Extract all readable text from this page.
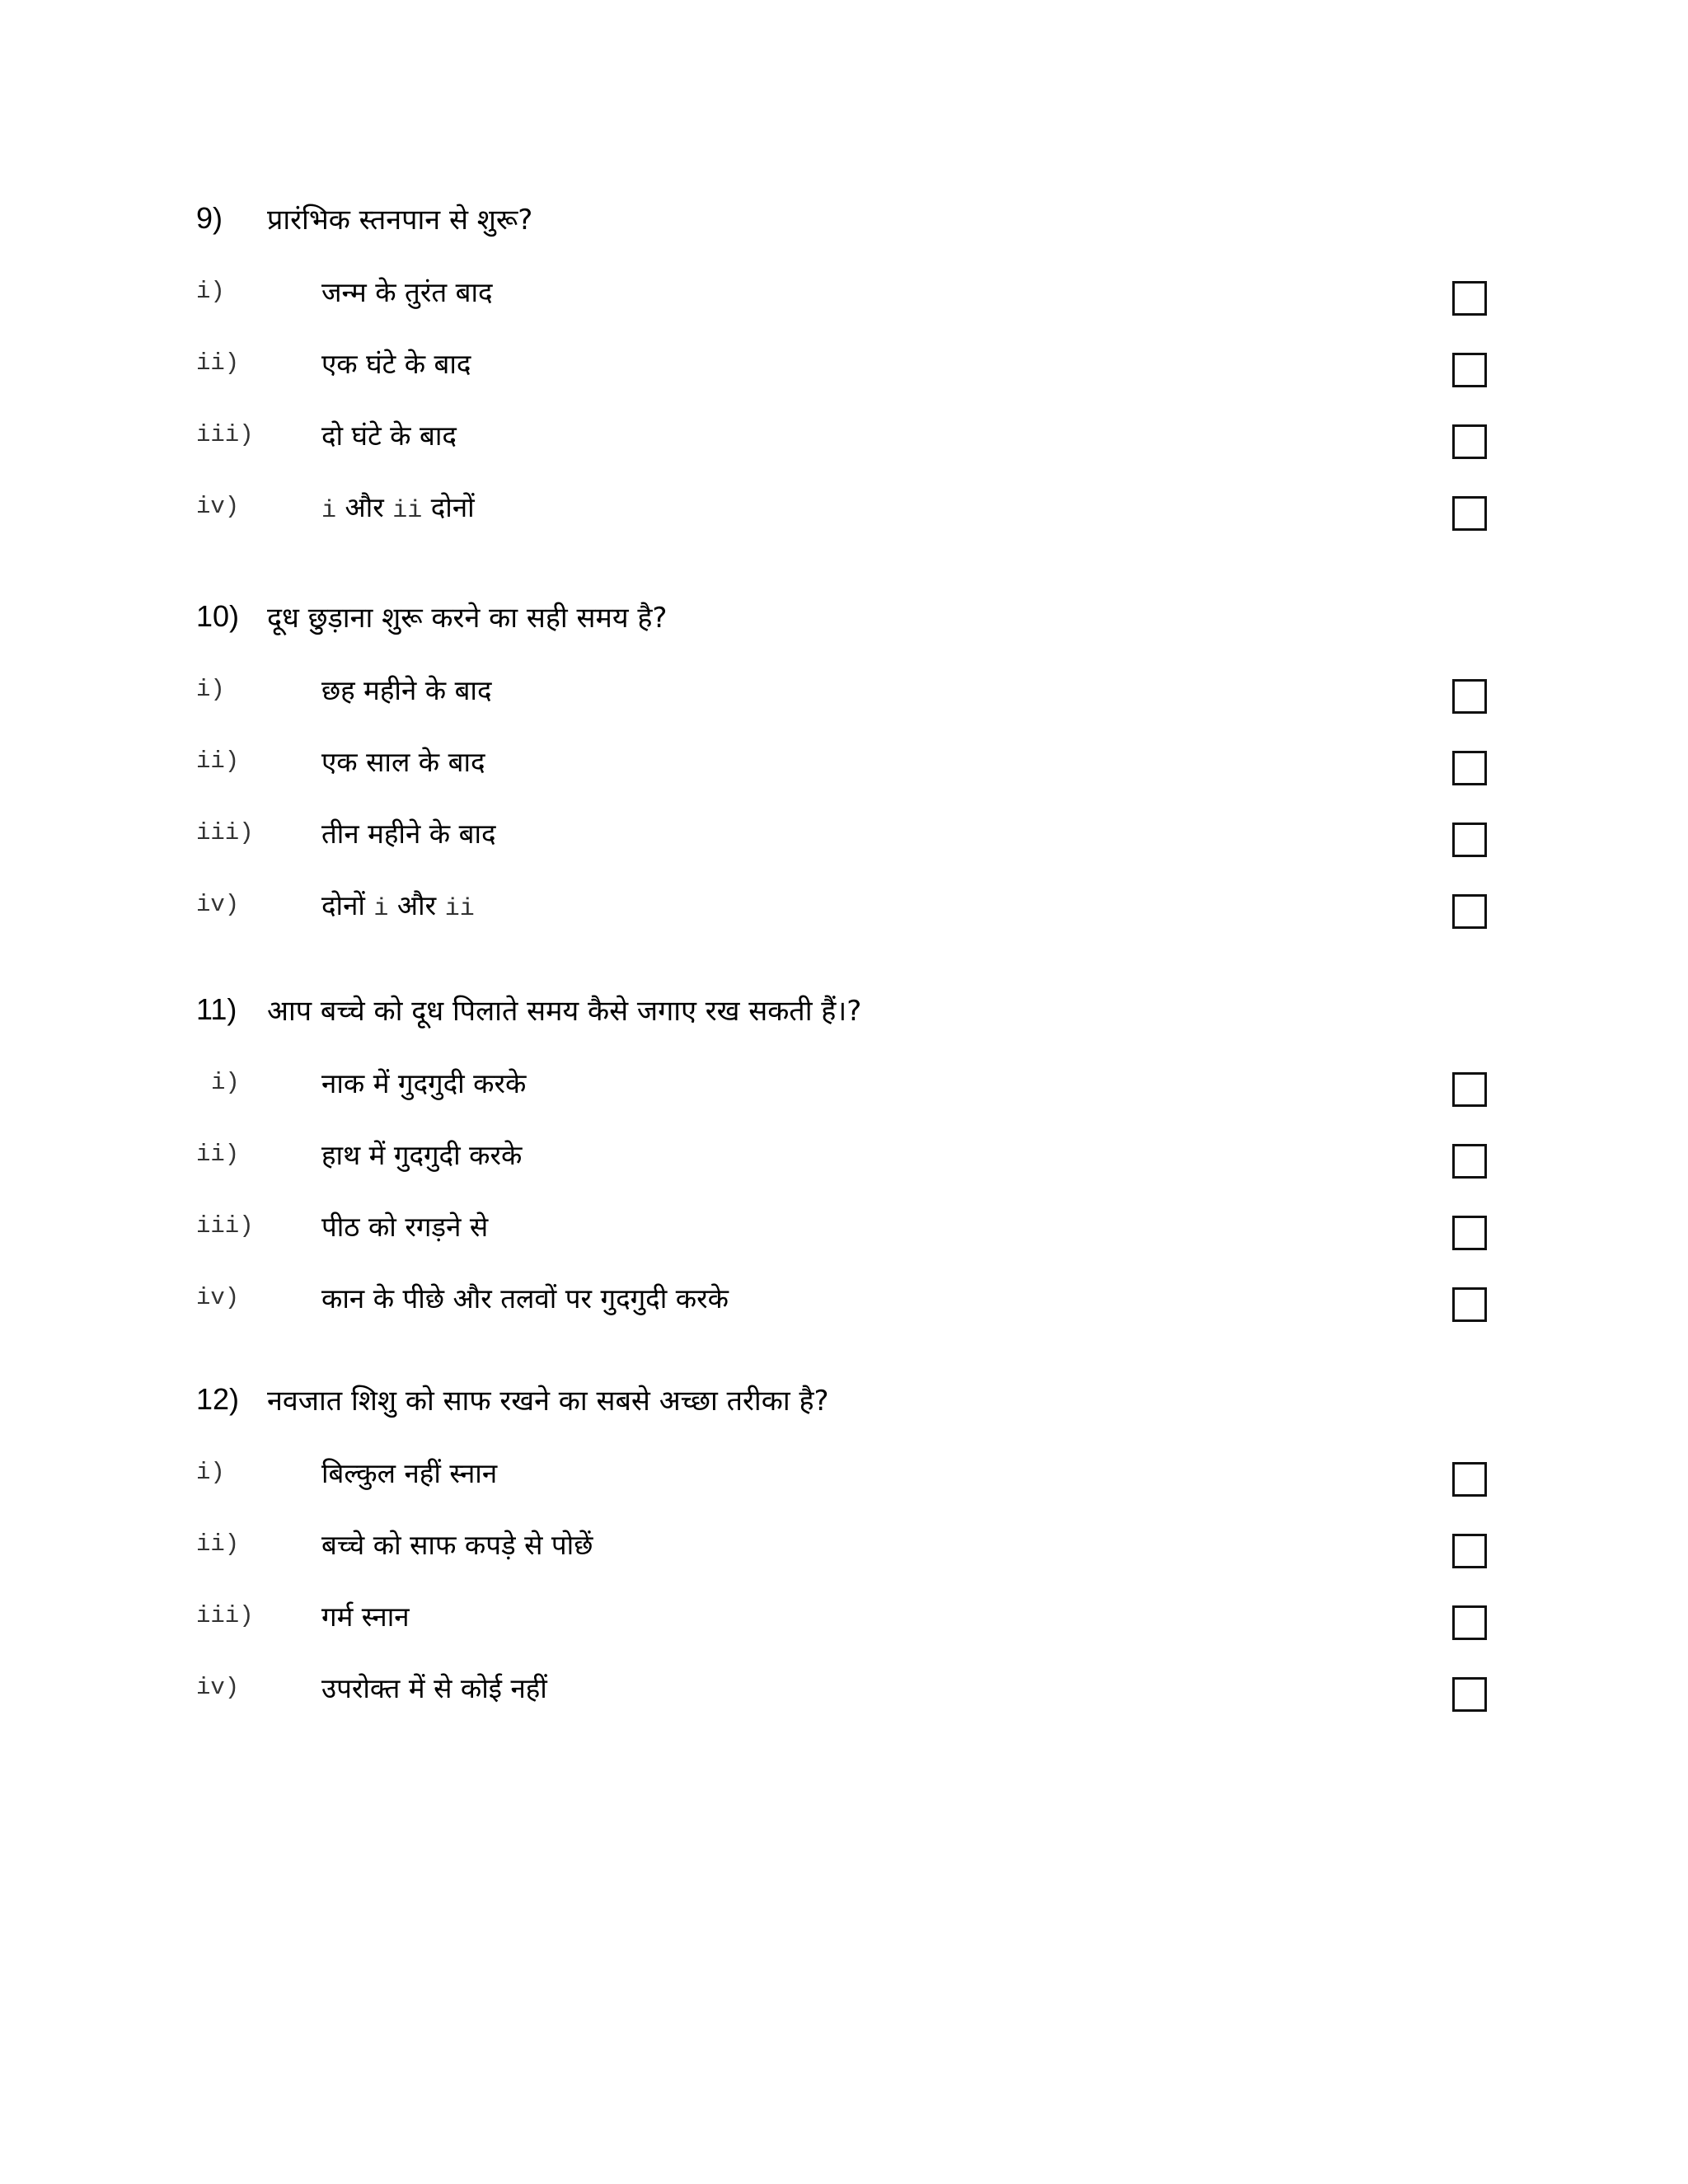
9)	प्रारंभिक स्तनपान से शुरू?
i)	जन्म के तुरंत बाद
ii)	एक घंटे के बाद
iii) दो घंटे के बाद
iv)	i और ii दोनों
10) दूध छुड़ाना शुरू करने का सही समय है?
i)	छह महीने के बाद
ii)	एक साल के बाद
iii) तीन महीने के बाद
iv)	दोनों i और ii
11)	आप बच्चे को दूध पिलाते समय कैसे जगाए रख सकती हैं।?
i)	नाक में गुदगुदी करके
ii)	हाथ में गुदगुदी करके
iii) पीठ को रगड़ने से
iv)	कान के पीछे और तलवों पर गुदगुदी करके
12) नवजात शिशु को साफ रखने का सबसे अच्छा तरीका है?
i)	बिल्कुल नहीं स्नान
ii)	बच्चे को साफ कपड़े से पोछें
iii) गर्म स्नान
iv)	उपरोक्त में से कोई नहीं
